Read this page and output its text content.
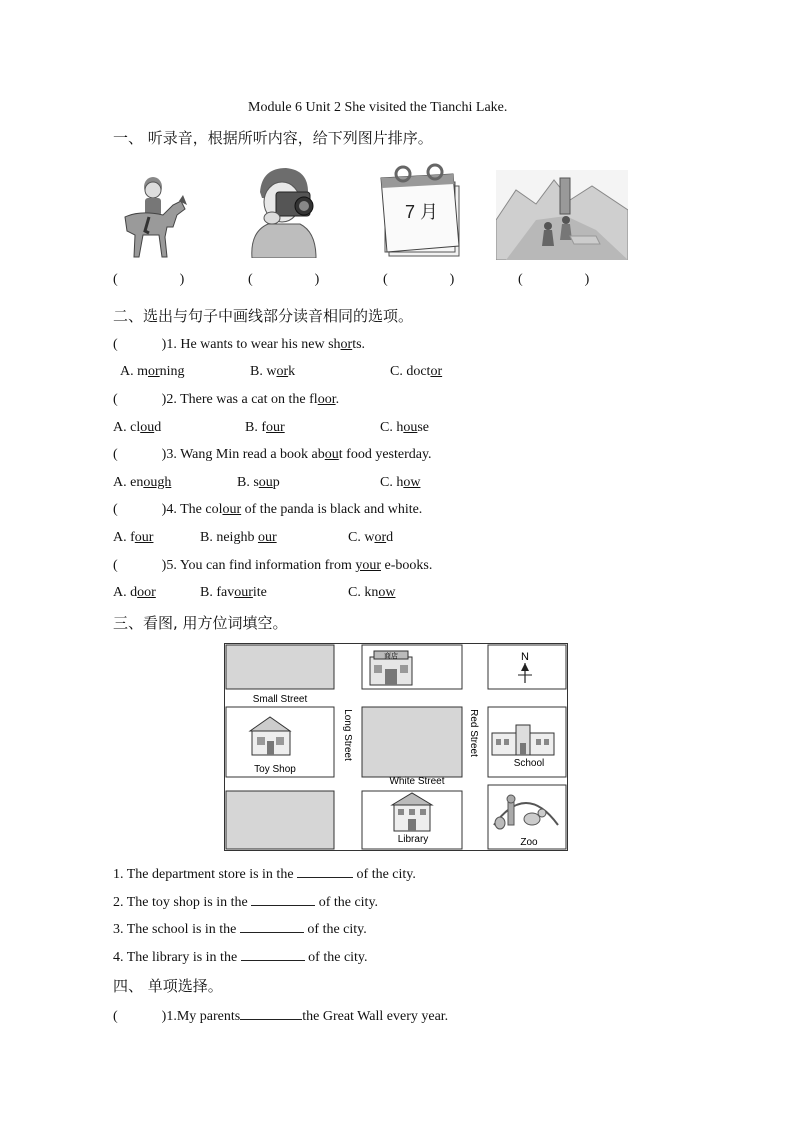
Module 6 Unit 2 She visited the Tianchi Lake.
一、 听录音，根据所听内容，给下列图片排序。
7 月
(	)	(	)	(	)	(	)
二、选出与句子中画线部分读音相同的选项。
(	)1. He wants to wear his new shorts.
A. morning	B. work	C. doctor
(	)2. There was a cat on the floor.
A. cloud	B. four	C. house
(	)3. Wang Min read a book about food yesterday.
A. enough	B. soup	C. how
(	)4. The colour of the panda is black and white.
A. four	B. neighb our	C. word
(	)5. You can find information from your e-books.
A. door	B. favourite	C. know
三、看图, 用方位词填空。
商店	N
Small Street
White Street
Long Street	Red Street
Toy Shop
School
Library	Zoo
1. The department store is in the	of the city.
2. The toy shop is in the	of the city.
3. The school is in the	of the city.
4. The library is in the	of the city.
四、 单项选择。
(	)1.My parents	the Great Wall every year.
